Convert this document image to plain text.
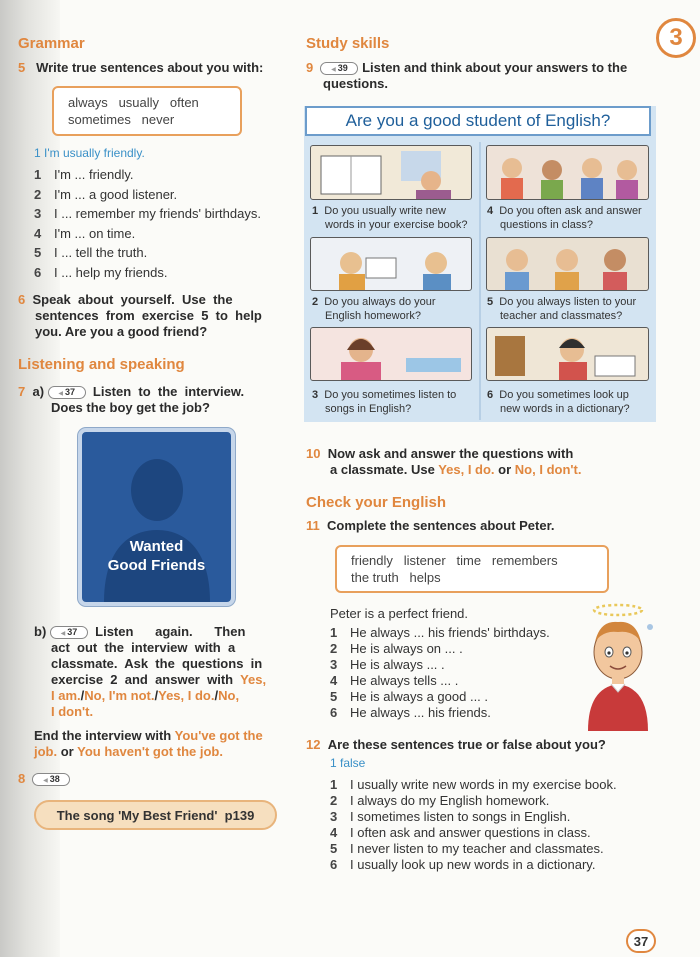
3
Grammar
5 Write true sentences about you with:
always   usually   often
sometimes   never
1 I'm usually friendly.
1 I'm ... friendly.
2 I'm ... a good listener.
3 I ... remember my friends' birthdays.
4 I'm ... on time.
5 I ... tell the truth.
6 I ... help my friends.
6 Speak  about  yourself.  Use  the
sentences  from  exercise  5  to  help
you. Are you a good friend?
Listening and speaking
7 a) ◀ 37 Listen  to  the  interview.
Does the boy get the job?
Wanted
Good Friends
b) ◀ 37 Listen      again.      Then
act  out  the  interview  with  a
classmate.  Ask  the  questions  in
exercise  2  and  answer  with Yes,
I am./No, I'm not./Yes, I do./No,
I don't.
End the interview with You've got the
job. or You haven't got the job.
8	◀ 38
The song 'My Best Friend'  p139
Study skills
9	◀ 39 Listen and think about your answers to the
questions.
Are you a good student of English?
1 Do you usually write new
words in your exercise book?
2 Do you always do your
English homework?
3 Do you sometimes listen to
songs in English?
4 Do you often ask and answer
questions in class?
5 Do you always listen to your
teacher and classmates?
6 Do you sometimes look up
new words in a dictionary?
10 Now ask and answer the questions with
a classmate. Use Yes, I do. or No, I don't.
Check your English
11 Complete the sentences about Peter.
friendly   listener   time   remembers
the truth   helps
Peter is a perfect friend.
1 He always ... his friends' birthdays.
2 He is always on ... .
3 He is always ... .
4 He always tells ... .
5 He is always a good ... .
6 He always ... his friends.
12 Are these sentences true or false about you?
1 false
1 I usually write new words in my exercise book.
2 I always do my English homework.
3 I sometimes listen to songs in English.
4 I often ask and answer questions in class.
5 I never listen to my teacher and classmates.
6 I usually look up new words in a dictionary.
37
